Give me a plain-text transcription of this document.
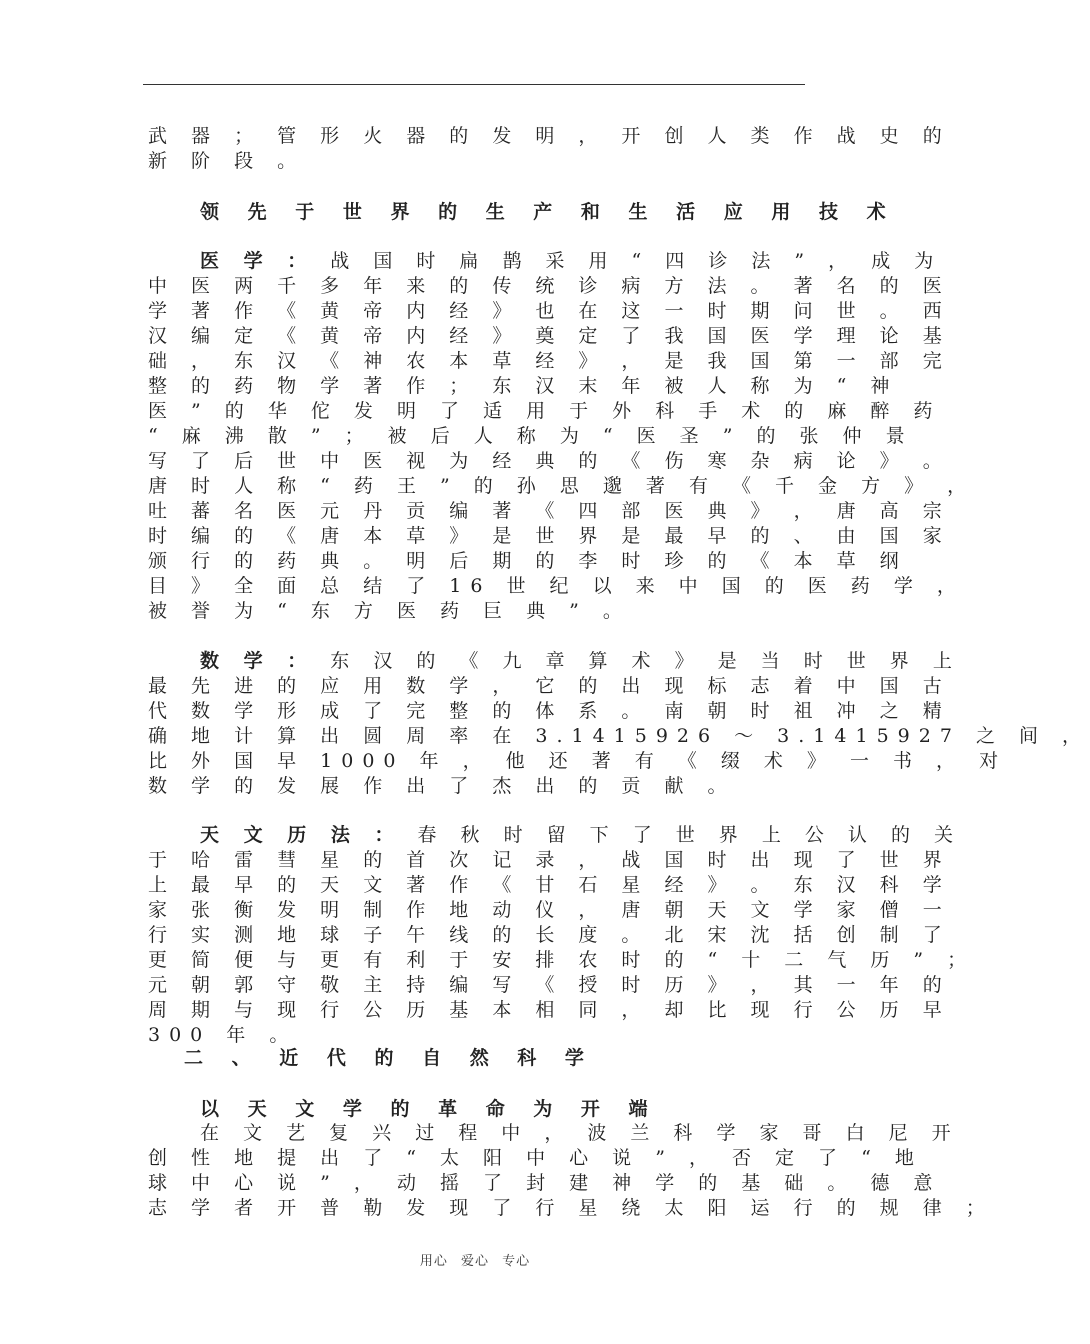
武 器 ； 管 形 火 器 的 发 明 ， 开 创 人 类 作 战 史 的
新 阶 段 。
领 先 于 世 界 的 生 产 和 生 活 应 用 技 术
医 学 ： 战 国 时 扁 鹊 采 用 “ 四 诊 法 ” ， 成 为
中 医 两 千 多 年 来 的 传 统 诊 病 方 法 。 著 名 的 医
学 著 作 《 黄 帝 内 经 》 也 在 这 一 时 期 问 世 。 西
汉 编 定 《 黄 帝 内 经 》 奠 定 了 我 国 医 学 理 论 基
础 ， 东 汉 《 神 农 本 草 经 》 ， 是 我 国 第 一 部 完
整 的 药 物 学 著 作 ； 东 汉 末 年 被 人 称 为 “ 神
医 ” 的 华 佗 发 明 了 适 用 于 外 科 手 术 的 麻 醉 药
“ 麻 沸 散 ” ； 被 后 人 称 为 “ 医 圣 ” 的 张 仲 景
写 了 后 世 中 医 视 为 经 典 的 《 伤 寒 杂 病 论 》 。
唐 时 人 称 “ 药 王 ” 的 孙 思 邈 著 有 《 千 金 方 》 ，
吐 蕃 名 医 元 丹 贡 编 著 《 四 部 医 典 》 ， 唐 高 宗
时 编 的 《 唐 本 草 》 是 世 界 是 最 早 的 、 由 国 家
颁 行 的 药 典 。 明 后 期 的 李 时 珍 的 《 本 草 纲
目 》 全 面 总 结 了 16 世 纪 以 来 中 国 的 医 药 学 ，
被 誉 为 “ 东 方 医 药 巨 典 ” 。
数 学 ： 东 汉 的 《 九 章 算 术 》 是 当 时 世 界 上
最 先 进 的 应 用 数 学 ， 它 的 出 现 标 志 着 中 国 古
代 数 学 形 成 了 完 整 的 体 系 。 南 朝 时 祖 冲 之 精
确 地 计 算 出 圆 周 率 在 3.1415926 ～ 3.1415927 之 间 ，
比 外 国 早 1000 年 ， 他 还 著 有 《 缀 术 》 一 书 ， 对
数 学 的 发 展 作 出 了 杰 出 的 贡 献 。
天 文 历 法 ： 春 秋 时 留 下 了 世 界 上 公 认 的 关
于 哈 雷 彗 星 的 首 次 记 录 ， 战 国 时 出 现 了 世 界
上 最 早 的 天 文 著 作 《 甘 石 星 经 》 。 东 汉 科 学
家 张 衡 发 明 制 作 地 动 仪 ， 唐 朝 天 文 学 家 僧 一
行 实 测 地 球 子 午 线 的 长 度 。 北 宋 沈 括 创 制 了
更 简 便 与 更 有 利 于 安 排 农 时 的 “ 十 二 气 历 ” ；
元 朝 郭 守 敬 主 持 编 写 《 授 时 历 》 ， 其 一 年 的
周 期 与 现 行 公 历 基 本 相 同 ， 却 比 现 行 公 历 早
300 年 。
二 、 近 代 的 自 然 科 学
以 天 文 学 的 革 命 为 开 端
在 文 艺 复 兴 过 程 中 ， 波 兰 科 学 家 哥 白 尼 开
创 性 地 提 出 了 “ 太 阳 中 心 说 ” ， 否 定 了 “ 地
球 中 心 说 ” ， 动 摇 了 封 建 神 学 的 基 础 。 德 意
志 学 者 开 普 勒 发 现 了 行 星 绕 太 阳 运 行 的 规 律 ；
用心 爱心 专心
